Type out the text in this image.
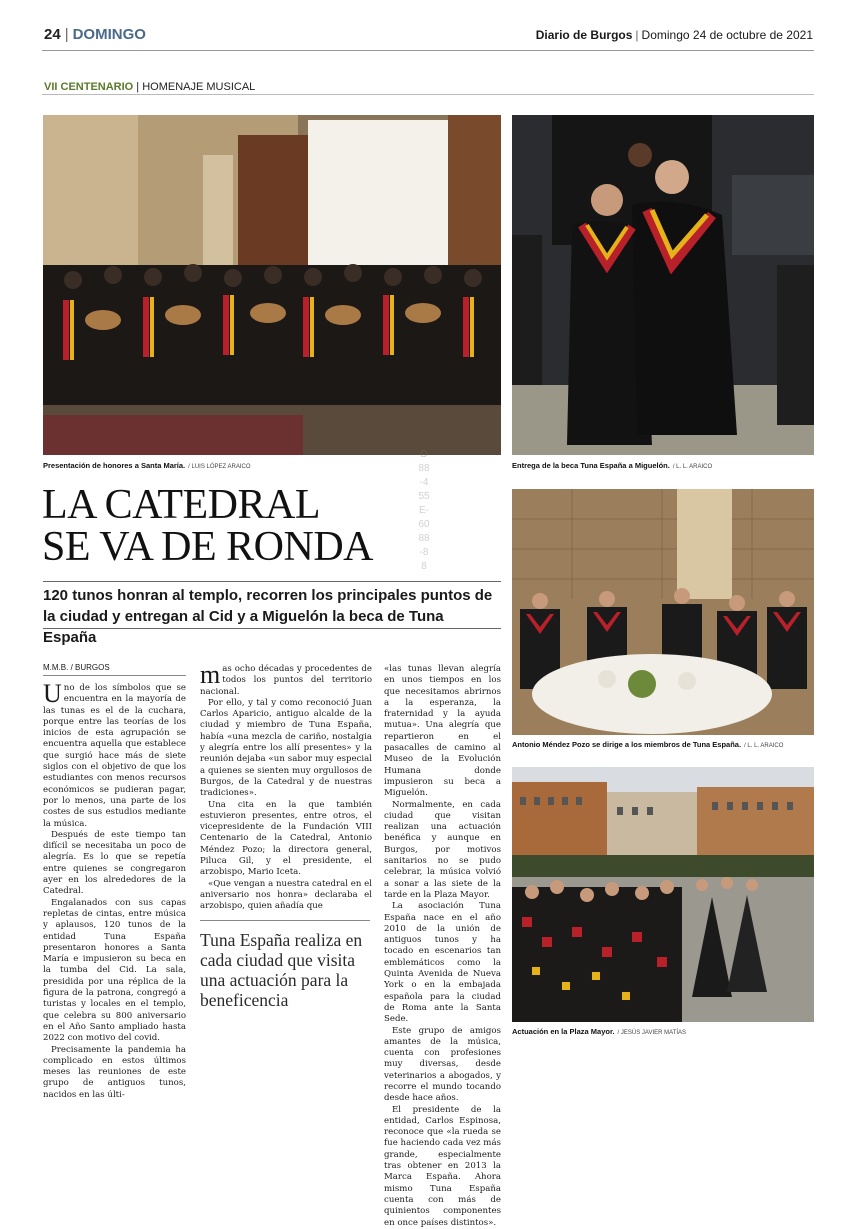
24 | DOMINGO	Diario de Burgos | Domingo 24 de octubre de 2021
VII CENTENARIO | HOMENAJE MUSICAL
Presentación de honores a Santa María. / LUIS LÓPEZ ARAICO	Entrega de la beca Tuna España a Miguelón. / L. L. ARAICO
LA CATEDRAL
SE VA DE RONDA
120 tunos honran al templo, recorren los principales puntos de la ciudad y entregan al Cid y a Miguelón la beca de Tuna España
D88-455E-6088-88
M.M.B. / BURGOS

Uno de los símbolos que se encuentra en la mayoría de las tunas es el de la cuchara, porque entre las teorías de los inicios de esta agrupación se encuentra aquella que establece que surgió hace más de siete siglos con el objetivo de que los estudiantes con menos recursos económicos se pudieran pagar, por lo menos, una parte de los costes de sus estudios mediante la música.

Después de este tiempo tan difícil se necesitaba un poco de alegría. Es lo que se repetía entre quienes se congregaron ayer en los alrededores de la Catedral.

Engalanados con sus capas repletas de cintas, entre música y aplausos, 120 tunos de la entidad Tuna España presentaron honores a Santa María e impusieron su beca en la tumba del Cid. La sala, presidida por una réplica de la figura de la patrona, congregó a turistas y locales en el templo, que celebra su 800 aniversario en el Año Santo ampliado hasta 2022 con motivo del covid.

Precisamente la pandemia ha complicado en estos últimos meses las reuniones de este grupo de antiguos tunos, nacidos en las últi-

mas ocho décadas y procedentes de todos los puntos del territorio nacional.

Por ello, y tal y como reconoció Juan Carlos Aparicio, antiguo alcalde de la ciudad y miembro de Tuna España, había «una mezcla de cariño, nostalgia y alegría entre los allí presentes» y la reunión dejaba «un sabor muy especial a quienes se sienten muy orgullosos de Burgos, de la Catedral y de nuestras tradiciones».

Una cita en la que también estuvieron presentes, entre otros, el vicepresidente de la Fundación VIII Centenario de la Catedral, Antonio Méndez Pozo; la directora general, Piluca Gil, y el presidente, el arzobispo, Mario Iceta.

«Que vengan a nuestra catedral en el aniversario nos honra» declaraba el arzobispo, quien añadía que

Tuna España realiza en cada ciudad que visita una actuación para la beneficencia

«las tunas llevan alegría en unos tiempos en los que necesitamos abrirnos a la esperanza, la fraternidad y la ayuda mutua». Una alegría que repartieron en el pasacalles de camino al Museo de la Evolución Humana donde impusieron su beca a Miguelón.

Normalmente, en cada ciudad que visitan realizan una actuación benéfica y aunque en Burgos, por motivos sanitarios no se pudo celebrar, la música volvió a sonar a las siete de la tarde en la Plaza Mayor.

La asociación Tuna España nace en el año 2010 de la unión de antiguos tunos y ha tocado en escenarios tan emblemáticos como la Quinta Avenida de Nueva York o en la embajada española para la ciudad de Roma ante la Santa Sede.

Este grupo de amigos amantes de la música, cuenta con profesiones muy diversas, desde veterinarios a abogados, y recorre el mundo tocando desde hace años.

El presidente de la entidad, Carlos Espinosa, reconoce que «la rueda se fue haciendo cada vez más grande, especialmente tras obtener en 2013 la Marca España. Ahora mismo Tuna España cuenta con más de quinientos componentes en once países distintos».

Antonio Méndez Pozo se dirige a los miembros de Tuna España. / L. L. ARAICO
Actuación en la Plaza Mayor. / JESÚS JAVIER MATÍAS
